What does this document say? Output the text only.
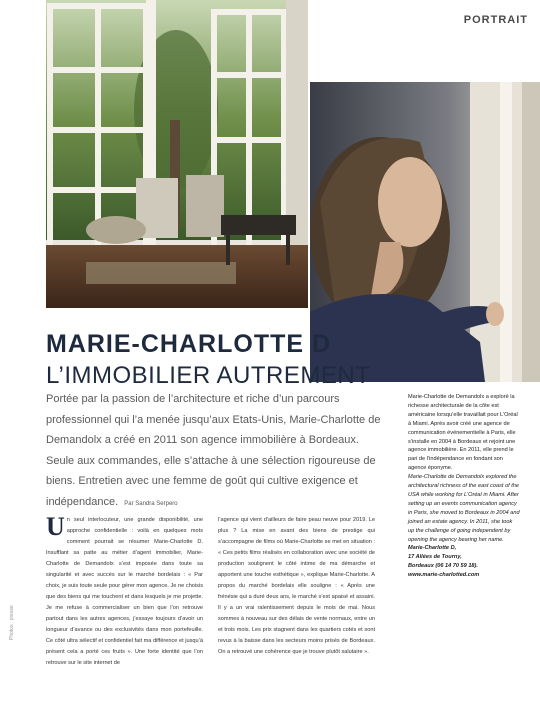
PORTRAIT
MARIE-CHARLOTTE D
L’IMMOBILIER AUTREMENT
Portée par la passion de l’architecture et riche d’un parcours professionnel qui l’a menée jusqu’aux Etats-Unis, Marie-Charlotte de Demandolx a créé en 2011 son agence immobilière à Bordeaux. Seule aux commandes, elle s’attache à une sélection rigoureuse de biens. Entretien avec une femme de goût qui cultive exigence et indépendance. Par Sandra Serpero
Marie-Charlotte de Demandolx a exploré la richesse architecturale de la côte est américaine lorsqu’elle travaillait pour L’Oréal à Miami. Après avoir créé une agence de communication événementielle à Paris, elle s’installe en 2004 à Bordeaux et rejoint une agence immobilière. En 2011, elle prend le pari de l’indépendance en fondant son agence éponyme.
Marie-Charlotte de Demandolx explored the architectural richness of the east coast of the USA while working for L’Oréal in Miami. After setting up an events communication agency in Paris, she moved to Bordeaux in 2004 and joined an estate agency. In 2011, she took up the challenge of going independent by opening the agency bearing her name.
Marie-Charlotte D,
17 Allées de Tourny,
Bordeaux (06 14 70 59 18).
www.marie-charlotted.com
U n seul interlocuteur, une grande disponibilité, une approche confidentielle : voilà en quelques mots comment pourrait se résumer Marie-Charlotte D. Insufflant sa patte au métier d’agent immobilier, Marie-Charlotte de Demandolx s’est imposée dans toute sa singularité et avec succès sur le marché bordelais : « Par choix, je suis toute seule pour gérer mon agence. Je ne choisis que des biens qui me touchent et dans lesquels je me projette. Je me refuse à commercialiser un bien que l’on retrouve partout dans les autres agences, j’essaye toujours d’avoir un longueur d’avance ou des exclusivités dans mon portefeuille. Ce côté ultra sélectif et confidentiel fait ma différence et jusqu’à présent cela a porté ces fruits ». Une forte identité que l’on retrouve sur le site internet de
l’agence qui vient d’ailleurs de faire peau neuve pour 2019. Le plus ? La mise en avant des biens de prestige qui s’accompagne de films où Marie-Charlotte se met en situation : « Ces petits films réalisés en collaboration avec une société de production soulignent le côté intime de ma démarche et apportent une touche esthétique », explique Marie-Charlotte. A propos du marché bordelais elle souligne : « Après une frénésie qui a duré deux ans, le marché s’est apaisé et assaini. Il y a un vrai ralentissement depuis le mois de mai. Nous sommes à nouveau sur des délais de vente normaux, entre un et trois mois. Les prix stagnent dans les quartiers cotés et sont revus à la baisse dans les secteurs moins prisés de Bordeaux. On a retrouvé une cohérence que je trouve plutôt salutaire ».
Photos : presse
